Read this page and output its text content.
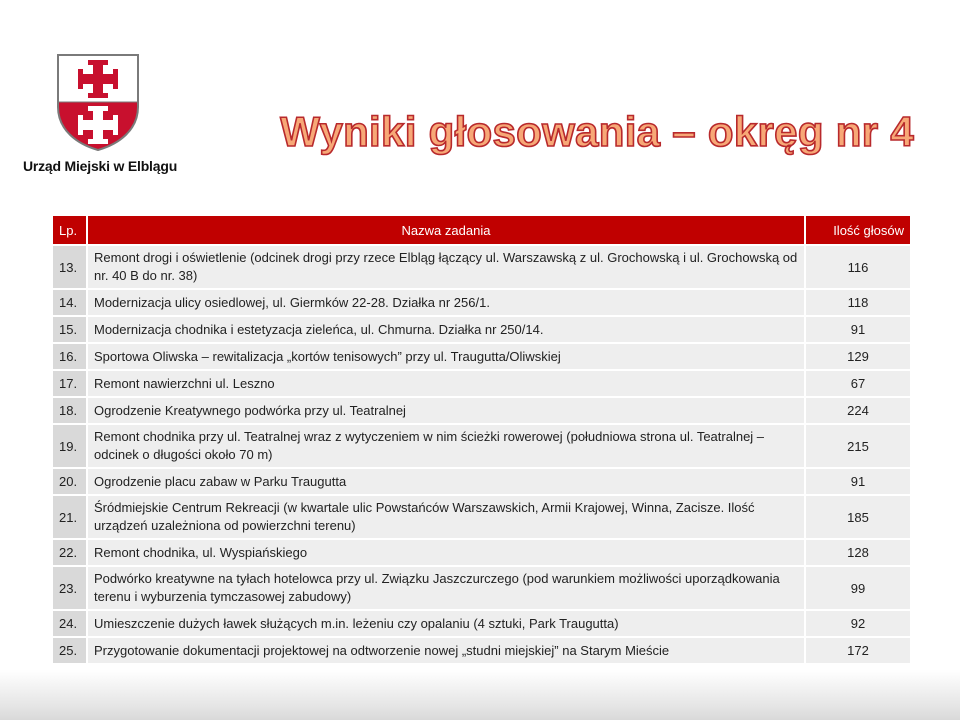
Urząd Miejski w Elblągu
Wyniki głosowania – okręg nr 4
Lp.	Nazwa zadania	Ilość głosów
13.	Remont drogi i oświetlenie (odcinek drogi przy rzece Elbląg łączący ul. Warszawską z ul. Grochowską i ul. Grochowską od nr. 40 B do nr. 38)	116
14.	Modernizacja ulicy osiedlowej, ul. Giermków 22-28. Działka nr 256/1.	118
15.	Modernizacja chodnika i estetyzacja zieleńca, ul. Chmurna. Działka nr 250/14.	91
16.	Sportowa Oliwska – rewitalizacja „kortów tenisowych” przy ul. Traugutta/Oliwskiej	129
17.	Remont nawierzchni ul. Leszno	67
18.	Ogrodzenie Kreatywnego podwórka przy ul. Teatralnej	224
19.	Remont chodnika przy ul. Teatralnej wraz z wytyczeniem w nim ścieżki rowerowej (południowa strona ul. Teatralnej – odcinek o długości około 70 m)	215
20.	Ogrodzenie placu zabaw w Parku Traugutta	91
21.	Śródmiejskie Centrum Rekreacji (w kwartale ulic Powstańców Warszawskich, Armii Krajowej, Winna, Zacisze. Ilość urządzeń uzależniona od powierzchni terenu)	185
22.	Remont chodnika, ul. Wyspiańskiego	128
23.	Podwórko kreatywne na tyłach hotelowca przy ul. Związku Jaszczurczego (pod warunkiem możliwości uporządkowania terenu i wyburzenia tymczasowej zabudowy)	99
24.	Umieszczenie dużych ławek służących m.in. leżeniu czy opalaniu (4 sztuki, Park Traugutta)	92
25.	Przygotowanie dokumentacji projektowej na odtworzenie nowej „studni miejskiej” na Starym Mieście	172
